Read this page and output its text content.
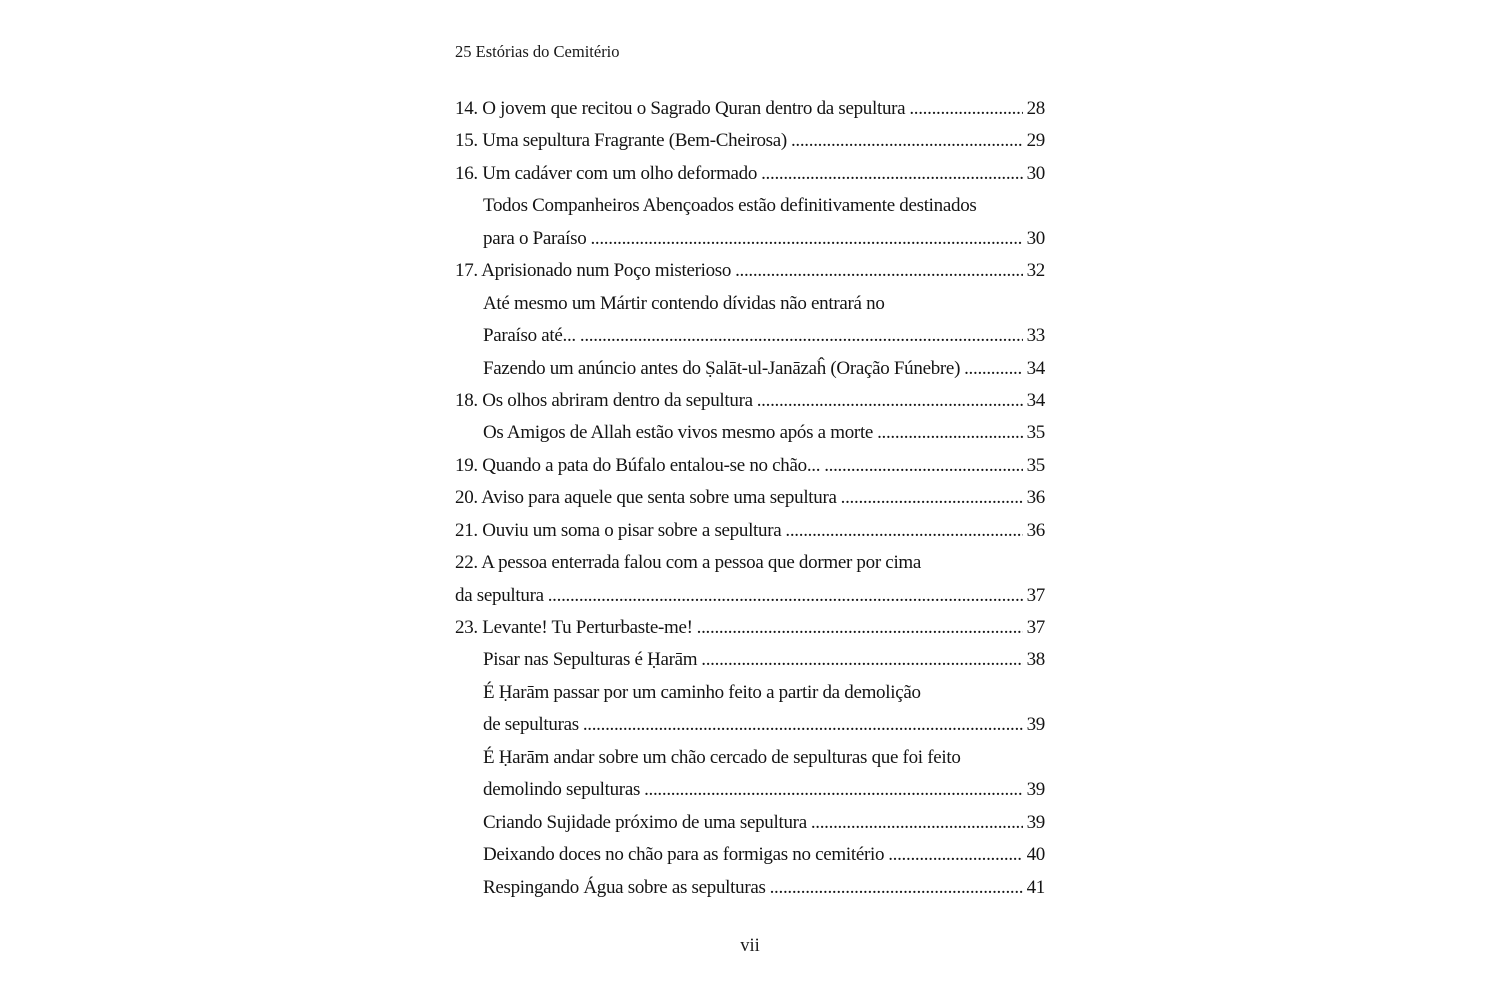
25 Estórias do Cemitério
14. O jovem que recitou o Sagrado Quran dentro da sepultura .....	28
15. Uma sepultura Fragrante (Bem-Cheirosa) .....	29
16. Um cadáver com um olho deformado .....	30
Todos Companheiros Abençoados estão definitivamente destinados
para o Paraíso .....	30
17. Aprisionado num Poço misterioso .....	32
Até mesmo um Mártir contendo dívidas não entrará no
Paraíso até... .....	33
Fazendo um anúncio antes do Ṣalāt-ul-Janāzaĥ (Oração Fúnebre) .....	34
18. Os olhos abriram dentro da sepultura .....	34
Os Amigos de Allah estão vivos mesmo após a morte .....	35
19. Quando a pata do Búfalo entalou-se no chão... .....	35
20. Aviso para aquele que senta sobre uma sepultura .....	36
21. Ouviu um soma o pisar sobre a sepultura .....	36
22. A pessoa enterrada falou com a pessoa que dormer por cima
da sepultura .....	37
23. Levante! Tu Perturbaste-me! .....	37
Pisar nas Sepulturas é Ḥarām .....	38
É Ḥarām passar por um caminho feito a partir da demolição
de sepulturas .....	39
É Ḥarām andar sobre um chão cercado de sepulturas que foi feito
demolindo sepulturas .....	39
Criando Sujidade próximo de uma sepultura .....	39
Deixando doces no chão para as formigas no cemitério .....	40
Respingando Água sobre as sepulturas .....	41
vii
